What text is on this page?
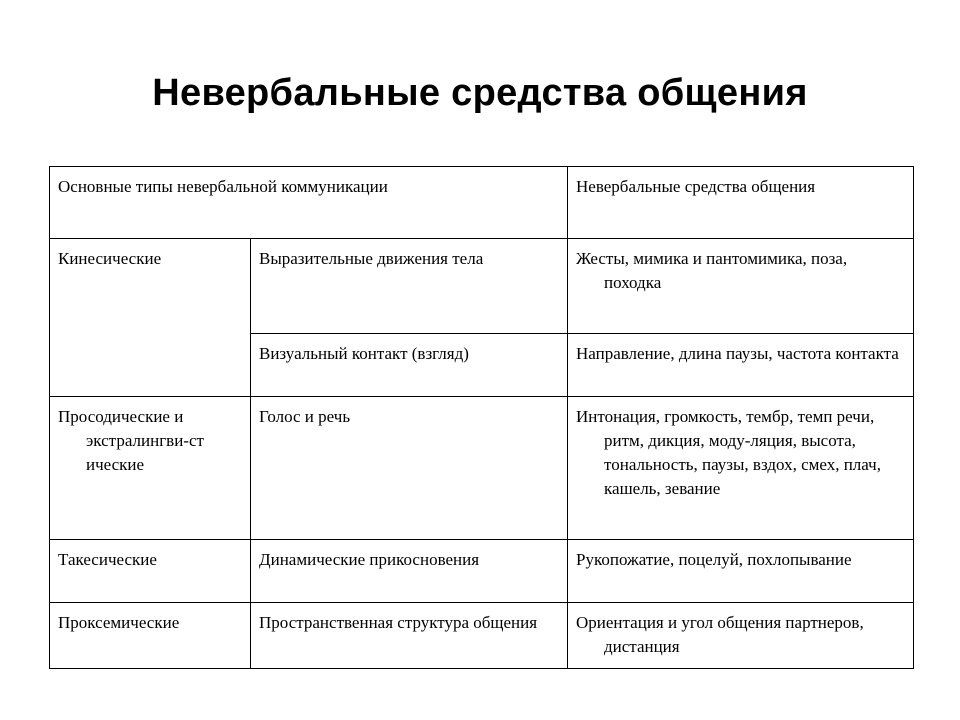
Невербальные средства общения
Основные типы невербальной коммуникации		Невербальные средства общения

Кинесические	Выразительные движения тела	Жесты, мимика и пантомимика, поза, походка

	Визуальный контакт (взгляд)	Направление, длина паузы, частота контакта

Просодические и экстралингви-ст ические	Голос и речь	Интонация, громкость, тембр, темп речи, ритм, дикция, моду-ляция, высота, тональность, паузы, вздох, смех, плач, кашель, зевание

Такесические	Динамические прикосновения	Рукопожатие, поцелуй, похлопывание

Проксемические	Пространственная структура общения	Ориентация и угол общения партнеров, дистанция
